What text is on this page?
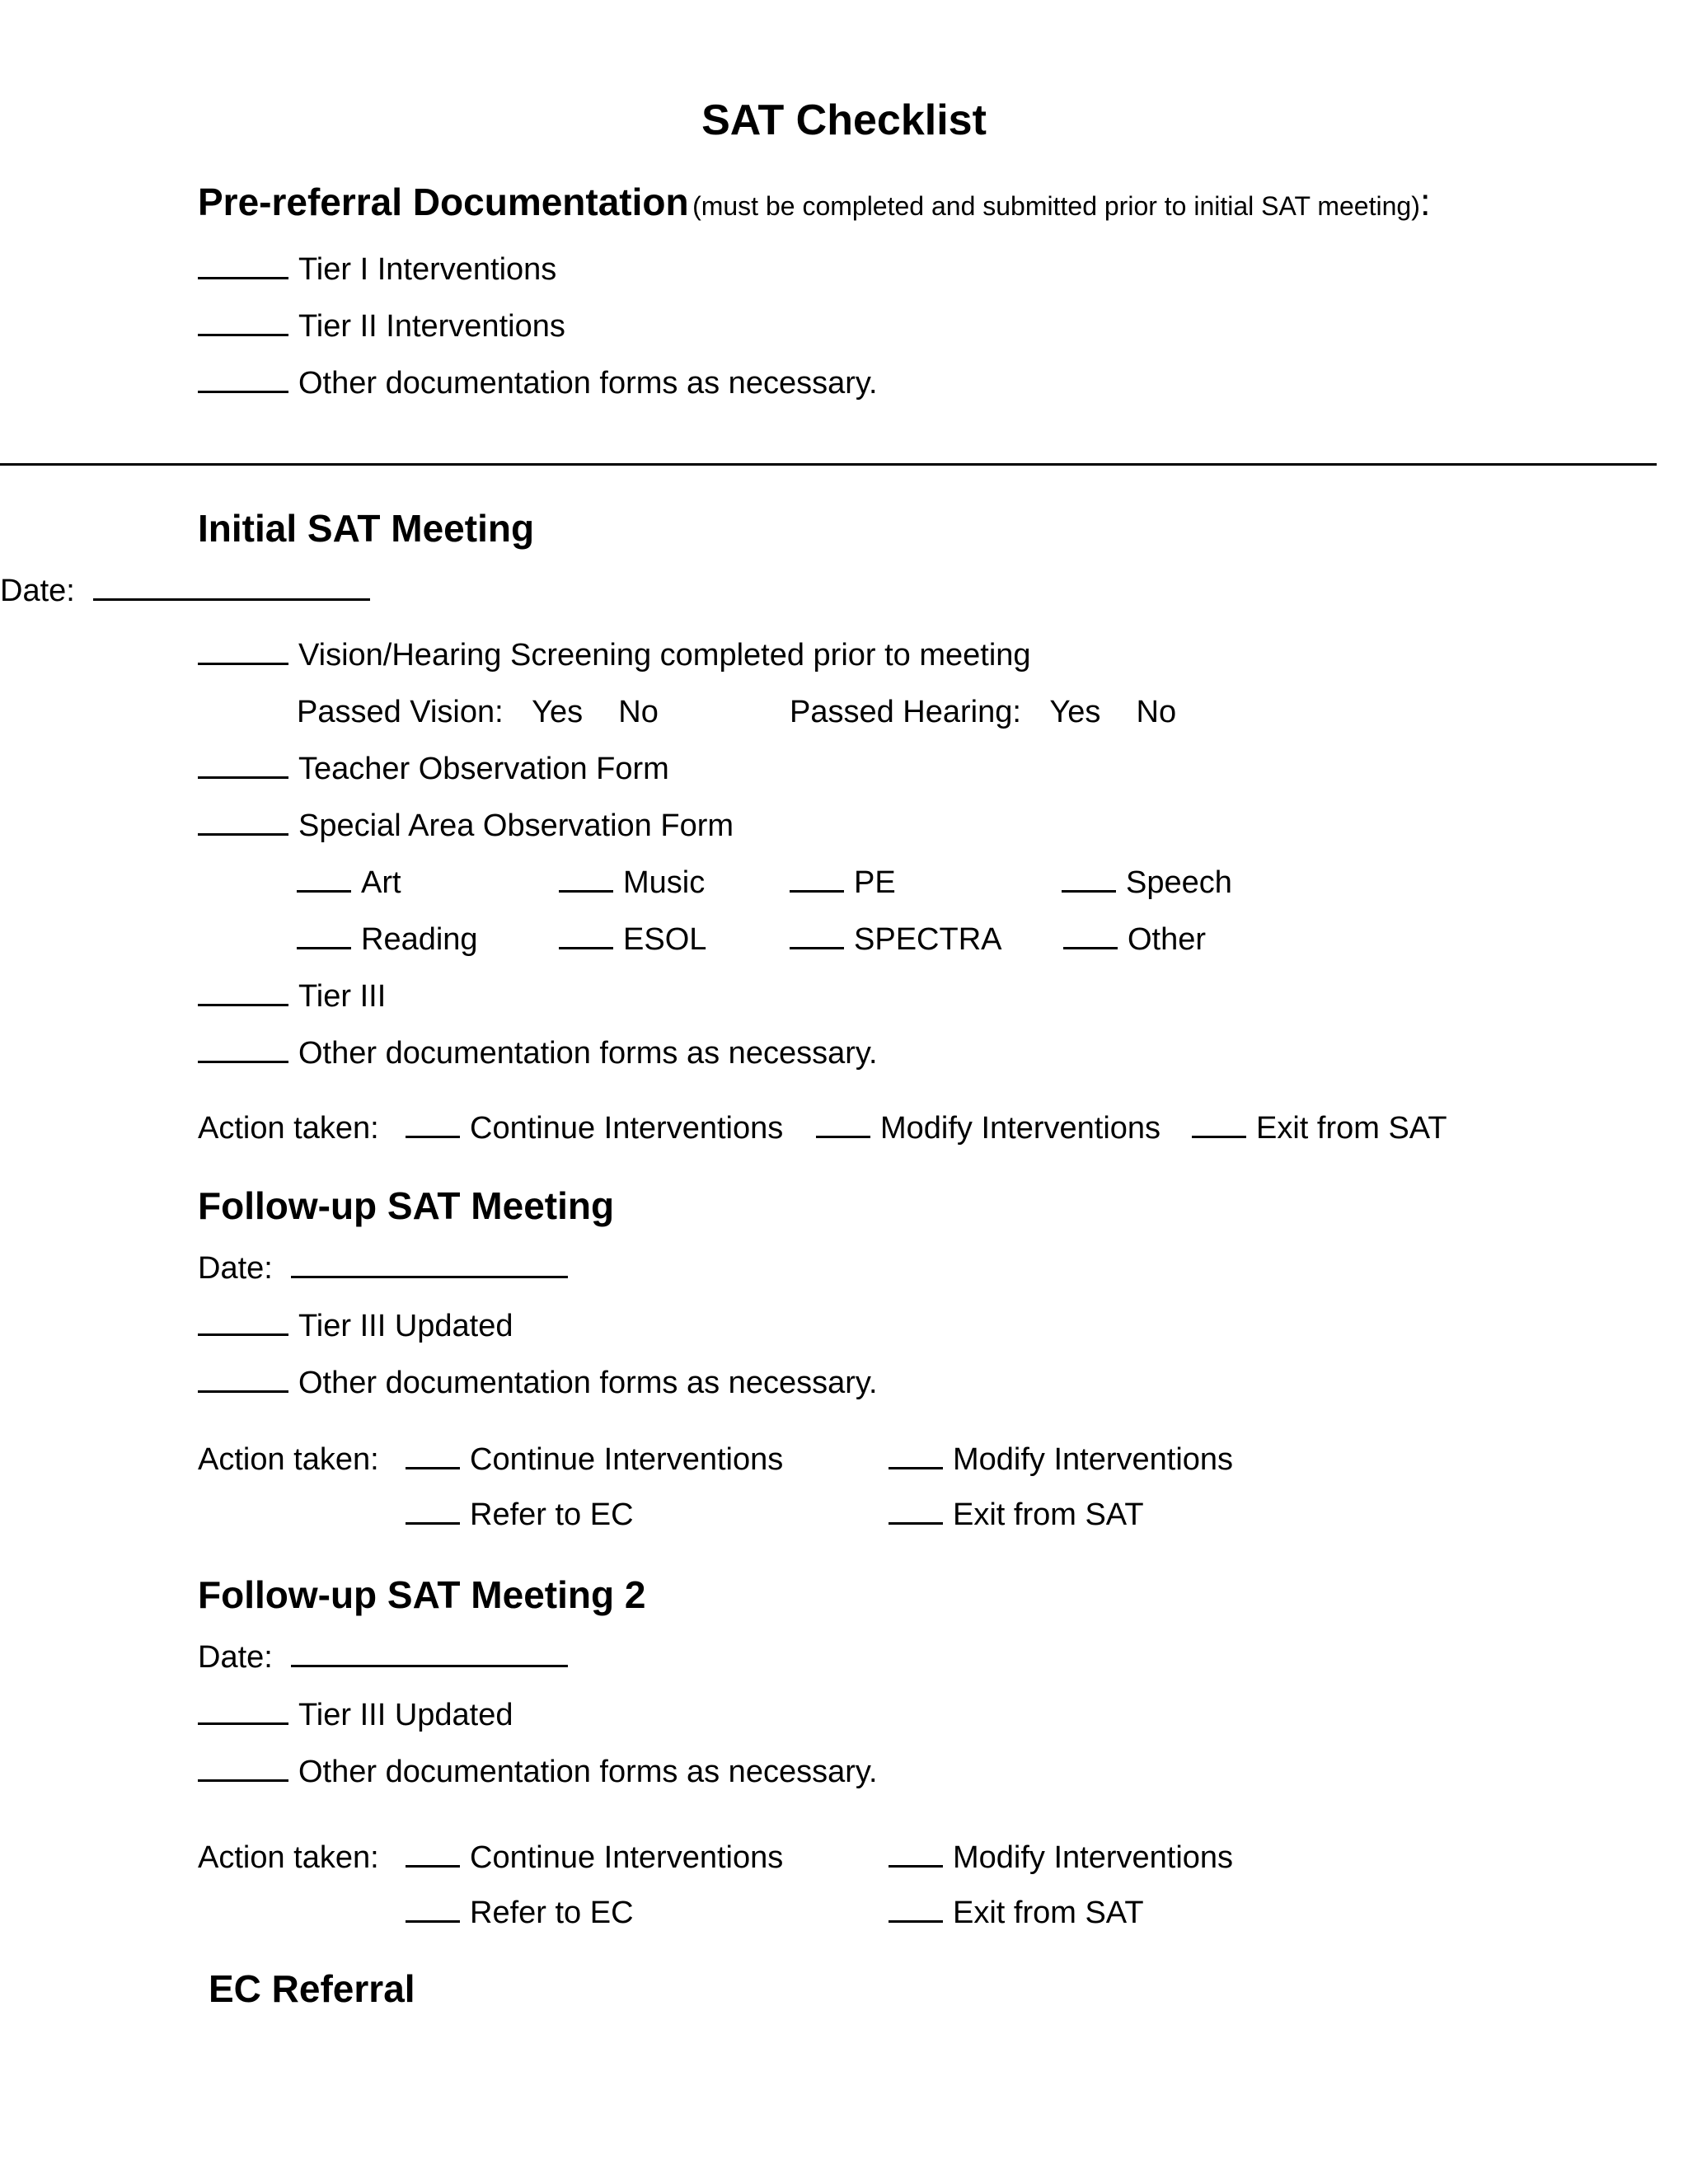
SAT Checklist
Pre-referral Documentation (must be completed and submitted prior to initial SAT meeting):
Tier I Interventions
Tier II Interventions
Other documentation forms as necessary.
Initial SAT Meeting
Date:
Vision/Hearing Screening completed prior to meeting
Passed Vision: Yes No	Passed Hearing: Yes No
Teacher Observation Form
Special Area Observation Form
Art	Music	PE	Speech
Reading	ESOL	SPECTRA	Other
Tier III
Other documentation forms as necessary.
Action taken:	Continue Interventions	Modify Interventions	Exit from SAT
Follow-up SAT Meeting
Date:
Tier III Updated
Other documentation forms as necessary.
Action taken:	Continue Interventions	Modify Interventions
Refer to EC	Exit from SAT
Follow-up SAT Meeting 2
Date:
Tier III Updated
Other documentation forms as necessary.
Action taken:	Continue Interventions	Modify Interventions
Refer to EC	Exit from SAT
EC Referral
